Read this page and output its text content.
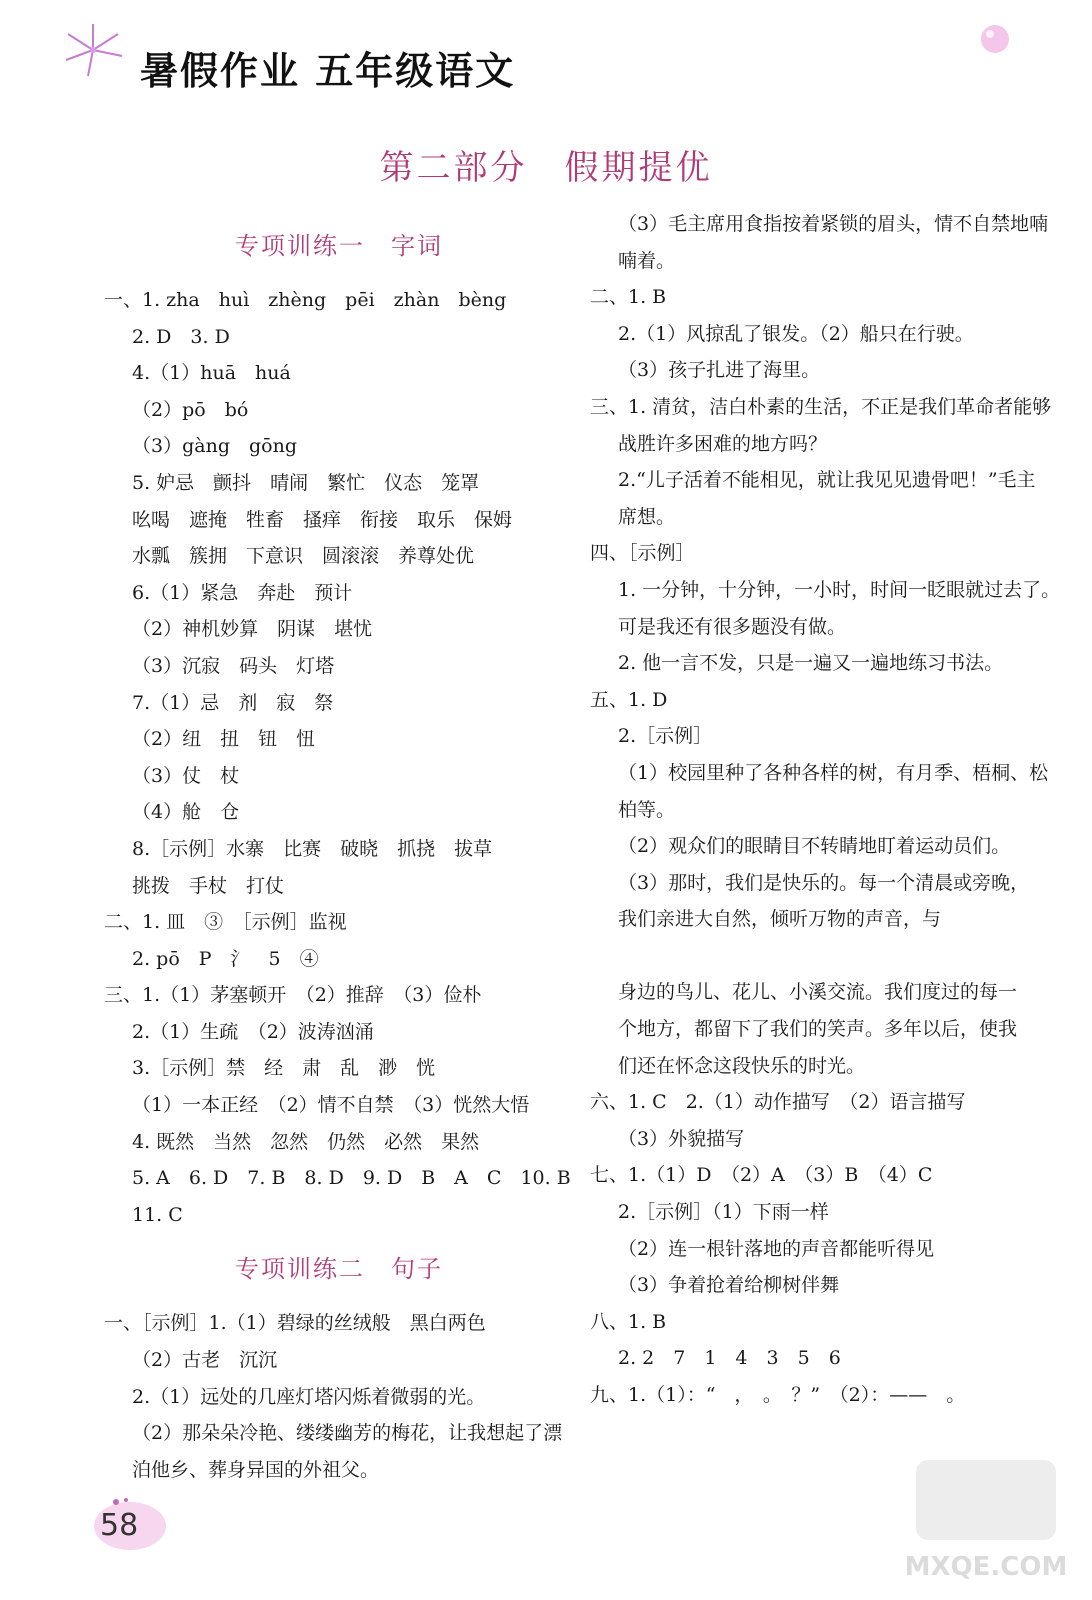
暑假作业 五年级语文
第二部分　假期提优
专项训练一　字词
一、1. zha　huì　zhèng　pēi　zhàn　bèng
2. D　3. D
4.（1）huā　huá
（2）pō　bó
（3）gàng　gōng
5. 妒忌　颤抖　晴闹　繁忙　仪态　笼罩
吆喝　遮掩　牲畜　搔痒　衔接　取乐　保姆
水瓢　簇拥　下意识　圆滚滚　养尊处优
6.（1）紧急　奔赴　预计
（2）神机妙算　阴谋　堪忧
（3）沉寂　码头　灯塔
7.（1）忌　剂　寂　祭
（2）纽　扭　钮　忸
（3）仗　杖
（4）舱　仓
8.［示例］水寨　比赛　破晓　抓挠　拔草
挑拨　手杖　打仗
二、1. 皿　③　［示例］监视
2. pō　P　氵　5　④
三、1.（1）茅塞顿开　（2）推辞　（3）俭朴
2.（1）生疏　（2）波涛汹涌
3.［示例］禁　经　肃　乱　渺　恍
（1）一本正经　（2）情不自禁　（3）恍然大悟
4. 既然　当然　忽然　仍然　必然　果然
5. A　6. D　7. B　8. D　9. D　B　A　C　10. B
11. C
专项训练二　句子
一、［示例］1.（1）碧绿的丝绒般　黑白两色
（2）古老　沉沉
2.（1）远处的几座灯塔闪烁着微弱的光。
（2）那朵朵冷艳、缕缕幽芳的梅花，让我想起了漂
泊他乡、葬身异国的外祖父。
（3）毛主席用食指按着紧锁的眉头，情不自禁地喃
喃着。
二、1. B
2.（1）风掠乱了银发。（2）船只在行驶。
（3）孩子扎进了海里。
三、1. 清贫，洁白朴素的生活，不正是我们革命者能够
战胜许多困难的地方吗？
2.“儿子活着不能相见，就让我见见遗骨吧！”毛主
席想。
四、［示例］
1. 一分钟，十分钟，一小时，时间一眨眼就过去了。
可是我还有很多题没有做。
2. 他一言不发，只是一遍又一遍地练习书法。
五、1. D
2.［示例］
（1）校园里种了各种各样的树，有月季、梧桐、松
柏等。
（2）观众们的眼睛目不转睛地盯着运动员们。
（3）那时，我们是快乐的。每一个清晨或旁晚，
我们亲进大自然，倾听万物的声音，与
身边的鸟儿、花儿、小溪交流。我们度过的每一
个地方，都留下了我们的笑声。多年以后，使我
们还在怀念这段快乐的时光。
六、1. C　2.（1）动作描写　（2）语言描写
（3）外貌描写
七、1.（1）D　（2）A　（3）B　（4）C
2.［示例］（1）下雨一样
（2）连一根针落地的声音都能听得见
（3）争着抢着给柳树伴舞
八、1. B
2. 2　7　1　4　3　5　6
九、1.（1）：“　，　。　？”　（2）：——　。
58
MXQE.COM
